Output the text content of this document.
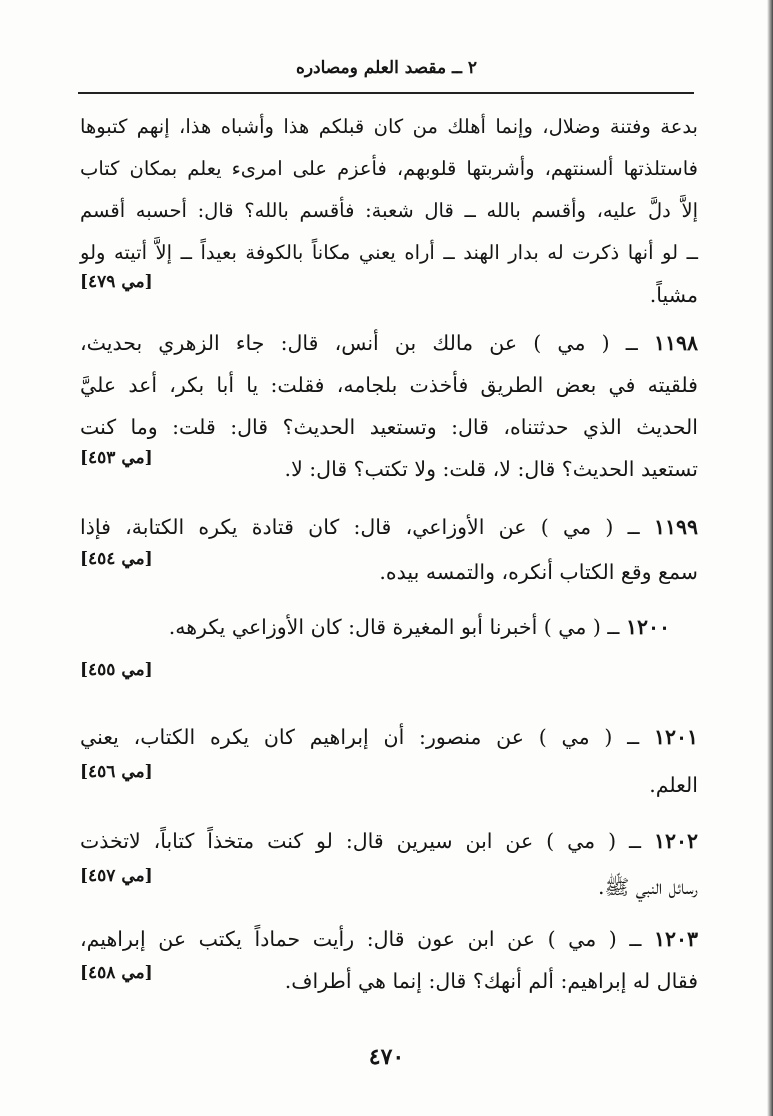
٢ ــ مقصد العلم ومصادره
بدعة وفتنة وضلال، وإنما أهلك من كان قبلكم هذا وأشباه هذا، إنهم كتبوها
فاستلذتها ألسنتهم، وأشربتها قلوبهم، فأعزم على امرىء يعلم بمكان كتاب
إلاَّ دلَّ عليه، وأقسم بالله ــ قال شعبة: فأقسم بالله؟ قال: أحسبه أقسم
ــ لو أنها ذكرت له بدار الهند ــ أراه يعني مكاناً بالكوفة بعيداً ــ إلاَّ أتيته ولو
[مي ٤٧٩]
مشياً.
١١٩٨ ــ ( مي ) عن مالك بن أنس، قال: جاء الزهري بحديث،
فلقيته في بعض الطريق فأخذت بلجامه، فقلت: يا أبا بكر، أعد عليَّ
الحديث الذي حدثتناه، قال: وتستعيد الحديث؟ قال: قلت: وما كنت
[مي ٤٥٣]	تستعيد الحديث؟ قال: لا، قلت: ولا تكتب؟ قال: لا.
١١٩٩ ــ ( مي ) عن الأوزاعي، قال: كان قتادة يكره الكتابة، فإذا
[مي ٤٥٤]
سمع وقع الكتاب أنكره، والتمسه بيده.
١٢٠٠ ــ ( مي ) أخبرنا أبو المغيرة قال: كان الأوزاعي يكرهه.
[مي ٤٥٥]
١٢٠١ ــ ( مي ) عن منصور: أن إبراهيم كان يكره الكتاب، يعني
[مي ٤٥٦]
العلم.
١٢٠٢ ــ ( مي ) عن ابن سيرين قال: لو كنت متخذاً كتاباً، لاتخذت
[مي ٤٥٧]	رسائل النبي ﷺ.
١٢٠٣ ــ ( مي ) عن ابن عون قال: رأيت حماداً يكتب عن إبراهيم،
[مي ٤٥٨]	فقال له إبراهيم: ألم أنهك؟ قال: إنما هي أطراف.
٤٧٠
